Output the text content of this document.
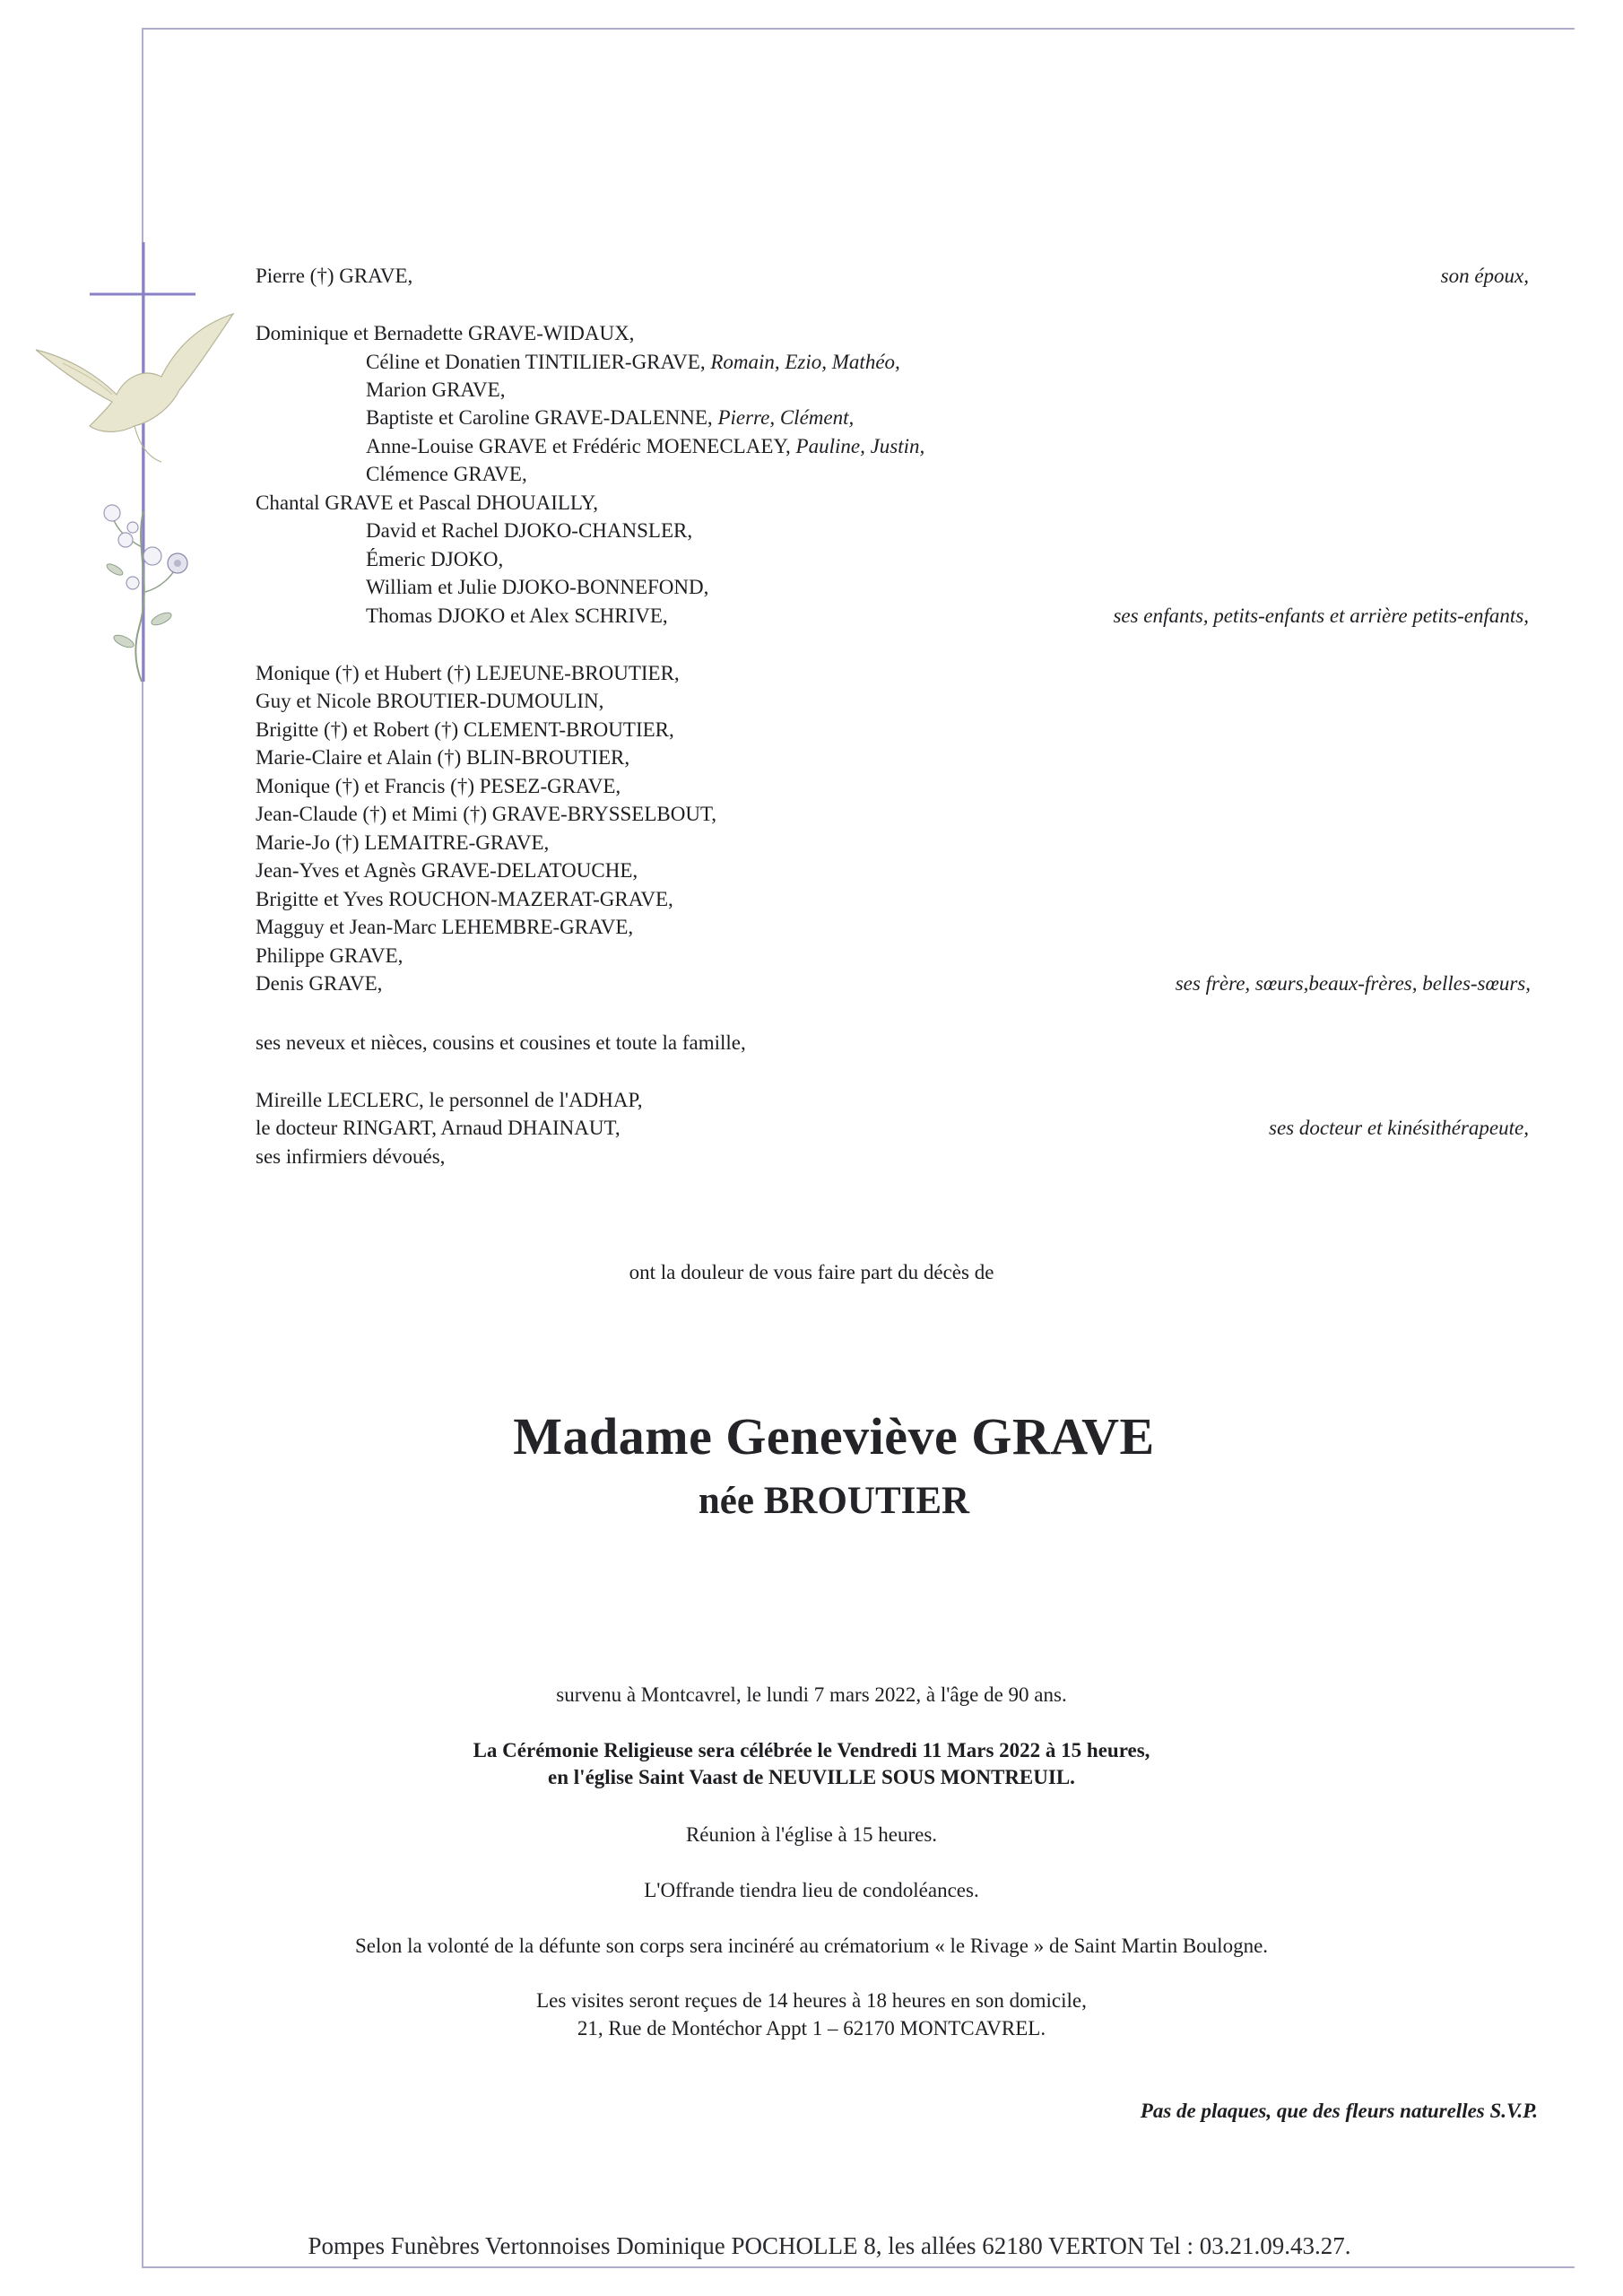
Pierre (†) GRAVE,	son époux,
Dominique et Bernadette GRAVE-WIDAUX,
Céline et Donatien TINTILIER-GRAVE, Romain, Ezio, Mathéo,
Marion GRAVE,
Baptiste et Caroline GRAVE-DALENNE, Pierre, Clément,
Anne-Louise GRAVE et Frédéric MOENECLAEY, Pauline, Justin,
Clémence GRAVE,
Chantal GRAVE et Pascal DHOUAILLY,
David et Rachel DJOKO-CHANSLER,
Émeric DJOKO,
William et Julie DJOKO-BONNEFOND,
Thomas DJOKO et Alex SCHRIVE,	ses enfants, petits-enfants et arrière petits-enfants,
Monique (†) et Hubert (†) LEJEUNE-BROUTIER,
Guy et Nicole BROUTIER-DUMOULIN,
Brigitte (†) et Robert (†) CLEMENT-BROUTIER,
Marie-Claire et Alain (†) BLIN-BROUTIER,
Monique (†) et Francis (†) PESEZ-GRAVE,
Jean-Claude (†) et Mimi (†) GRAVE-BRYSSELBOUT,
Marie-Jo (†) LEMAITRE-GRAVE,
Jean-Yves et Agnès GRAVE-DELATOUCHE,
Brigitte et Yves ROUCHON-MAZERAT-GRAVE,
Magguy et Jean-Marc LEHEMBRE-GRAVE,
Philippe GRAVE,
Denis GRAVE,	ses frère, sœurs,beaux-frères, belles-sœurs,
ses neveux et nièces, cousins et cousines et toute la famille,
Mireille LECLERC, le personnel de l'ADHAP,
le docteur RINGART, Arnaud DHAINAUT,	ses docteur et kinésithérapeute,
ses infirmiers dévoués,
ont la douleur de vous faire part du décès de
Madame Geneviève GRAVE
née BROUTIER
survenu à Montcavrel, le lundi 7 mars 2022, à l'âge de 90 ans.
La Cérémonie Religieuse sera célébrée le Vendredi 11 Mars 2022 à 15 heures,
en l'église Saint Vaast de NEUVILLE SOUS MONTREUIL.
Réunion à l'église à 15 heures.
L'Offrande tiendra lieu de condoléances.
Selon la volonté de la défunte son corps sera incinéré au crématorium « le Rivage » de Saint Martin Boulogne.
Les visites seront reçues de 14 heures à 18 heures en son domicile,
21, Rue de Montéchor Appt 1 – 62170 MONTCAVREL.
Pas de plaques, que des fleurs naturelles S.V.P.
Pompes Funèbres Vertonnoises Dominique POCHOLLE 8, les allées 62180 VERTON Tel : 03.21.09.43.27.
